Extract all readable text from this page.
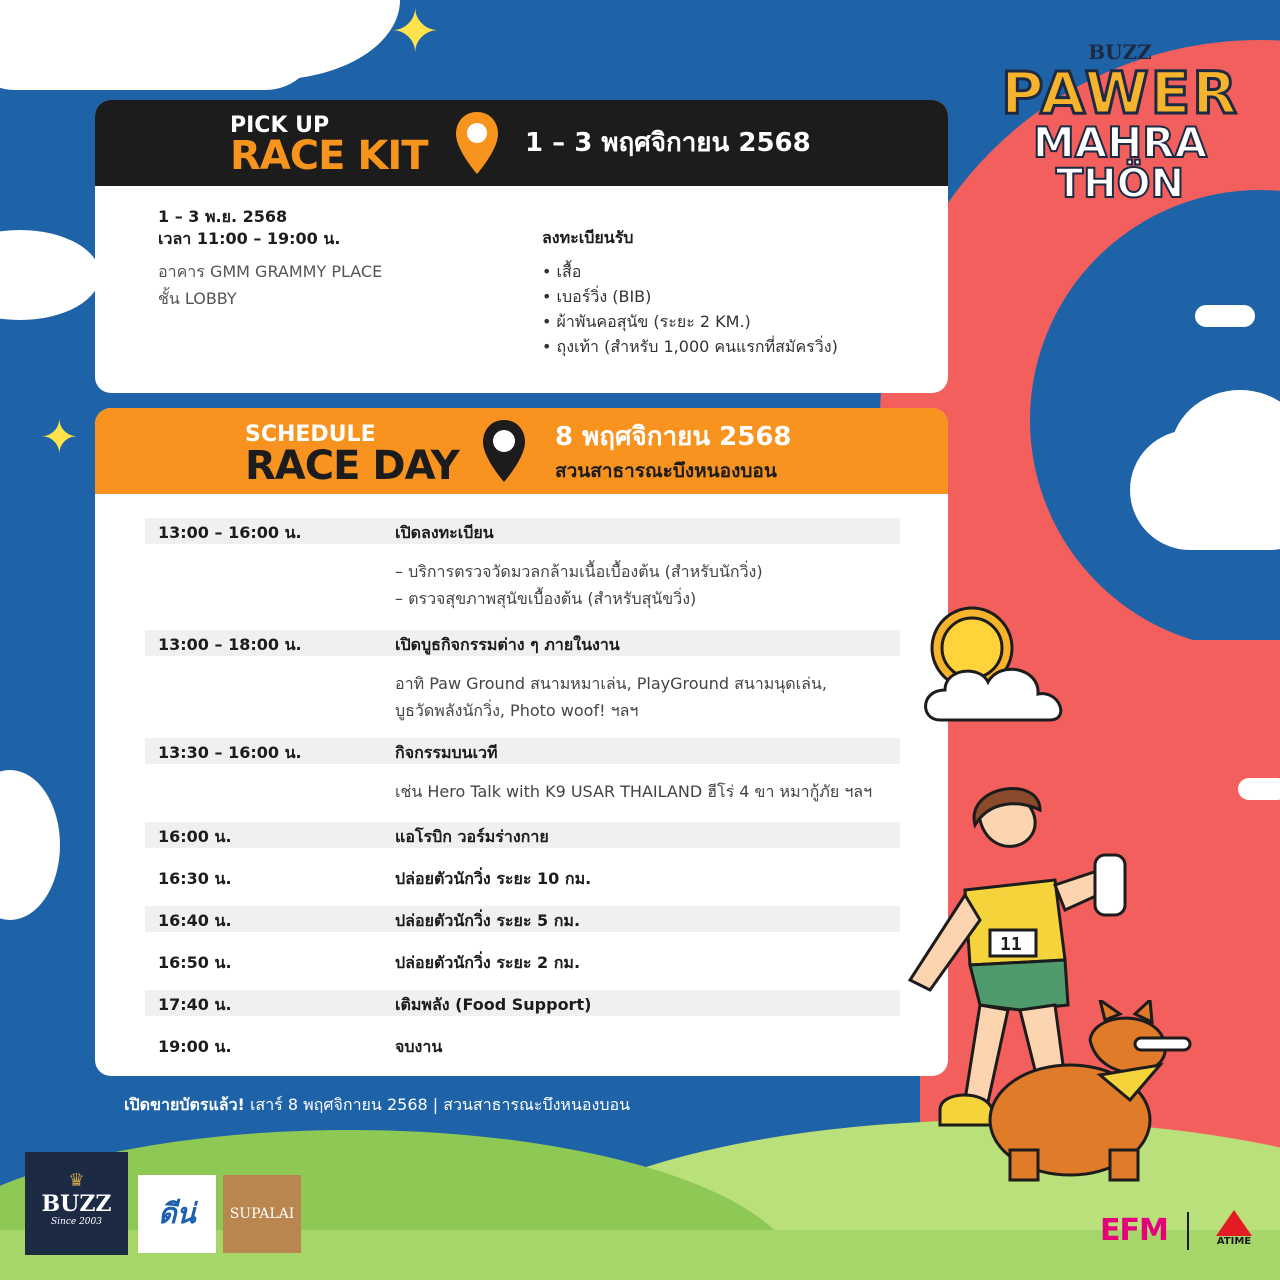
✦
✦
BUZZ
PAWER
MAHRA
THÖN
PICK UP
RACE KIT	1 – 3 พฤศจิกายน 2568
1 – 3 พ.ย. 2568
เวลา 11:00 – 19:00 น.
อาคาร GMM GRAMMY PLACE
ชั้น LOBBY
ลงทะเบียนรับ
• เสื้อ
• เบอร์วิ่ง (BIB)
• ผ้าพันคอสุนัข (ระยะ 2 KM.)
• ถุงเท้า (สำหรับ 1,000 คนแรกที่สมัครวิ่ง)
SCHEDULE
RACE DAY
8 พฤศจิกายน 2568
สวนสาธารณะบึงหนองบอน
13:00 – 16:00 น.	เปิดลงทะเบียน
– บริการตรวจวัดมวลกล้ามเนื้อเบื้องต้น (สำหรับนักวิ่ง)
– ตรวจสุขภาพสุนัขเบื้องต้น (สำหรับสุนัขวิ่ง)
13:00 – 18:00 น.	เปิดบูธกิจกรรมต่าง ๆ ภายในงาน
อาทิ Paw Ground สนามหมาเล่น, PlayGround สนามนุดเล่น,
บูธวัดพลังนักวิ่ง, Photo woof! ฯลฯ
13:30 – 16:00 น.	กิจกรรมบนเวที
เช่น Hero Talk with K9 USAR THAILAND ฮีโร่ 4 ขา หมากู้ภัย ฯลฯ
16:00 น.	แอโรบิก วอร์มร่างกาย
16:30 น.	ปล่อยตัวนักวิ่ง ระยะ 10 กม.
16:40 น.	ปล่อยตัวนักวิ่ง ระยะ 5 กม.
16:50 น.	ปล่อยตัวนักวิ่ง ระยะ 2 กม.
17:40 น.	เติมพลัง (Food Support)
19:00 น.	จบงาน
11
เปิดขายบัตรแล้ว! เสาร์ 8 พฤศจิกายน 2568 | สวนสาธารณะบึงหนองบอน
♛
BUZZ
Since 2003	ดีน่	SUPALAI	EFM	ATIME
